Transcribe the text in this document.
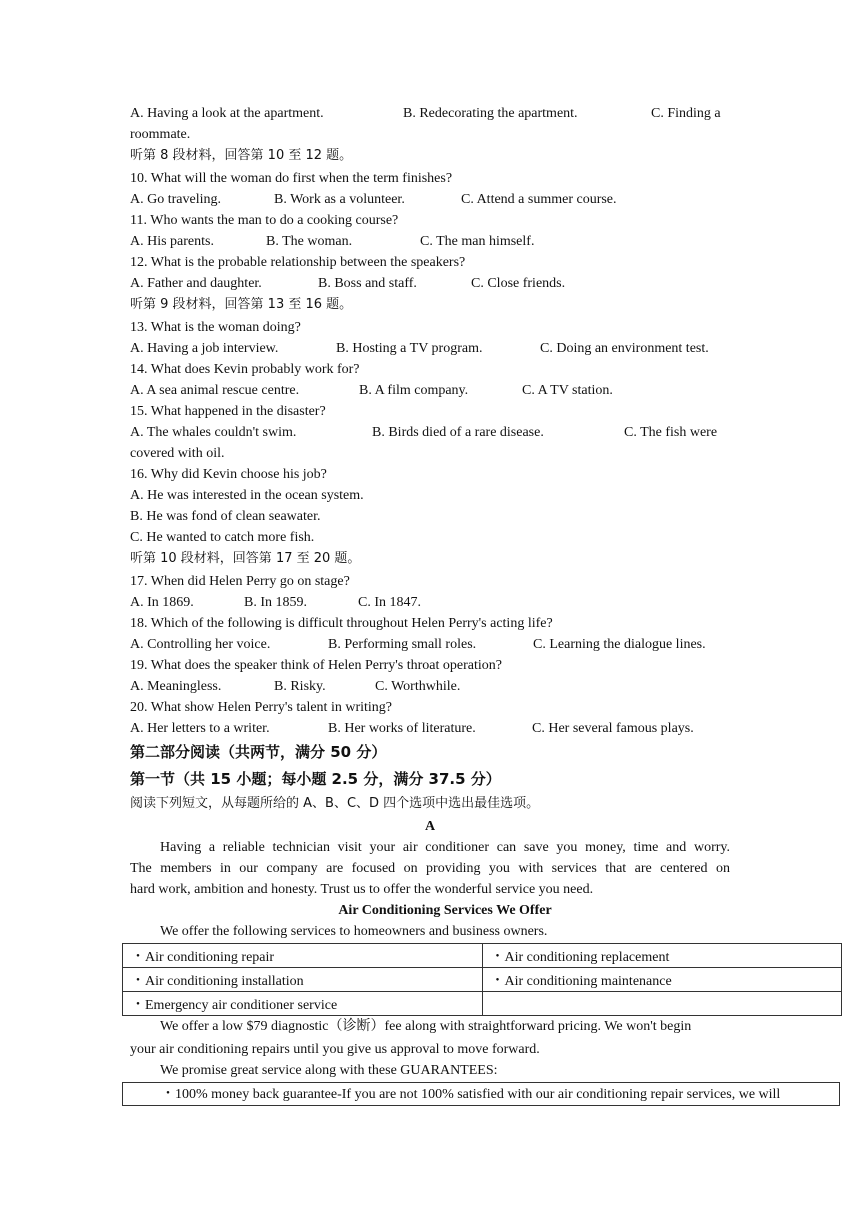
A. Having a look at the apartment.	B. Redecorating the apartment.	C. Finding a
roommate.
听第 8 段材料，回答第 10 至 12 题。
10. What will the woman do first when the term finishes?
A. Go traveling.	B. Work as a volunteer.	C. Attend a summer course.
11. Who wants the man to do a cooking course?
A. His parents.	B. The woman.	C. The man himself.
12. What is the probable relationship between the speakers?
A. Father and daughter.	B. Boss and staff.	C. Close friends.
听第 9 段材料，回答第 13 至 16 题。
13. What is the woman doing?
A. Having a job interview.	B. Hosting a TV program.	C. Doing an environment test.
14. What does Kevin probably work for?
A. A sea animal rescue centre.	B. A film company.	C. A TV station.
15. What happened in the disaster?
A. The whales couldn't swim.	B. Birds died of a rare disease.	C. The fish were
covered with oil.
16. Why did Kevin choose his job?
A. He was interested in the ocean system.
B. He was fond of clean seawater.
C. He wanted to catch more fish.
听第 10 段材料，回答第 17 至 20 题。
17. When did Helen Perry go on stage?
A. In 1869.	B. In 1859.	C. In 1847.
18. Which of the following is difficult throughout Helen Perry's acting life?
A. Controlling her voice.	B. Performing small roles.	C. Learning the dialogue lines.
19. What does the speaker think of Helen Perry's throat operation?
A. Meaningless.	B. Risky.	C. Worthwhile.
20. What show Helen Perry's talent in writing?
A. Her letters to a writer.	B. Her works of literature.	C. Her several famous plays.
第二部分阅读（共两节，满分 50 分）
第一节（共 15 小题；每小题 2.5 分，满分 37.5 分）
阅读下列短文，从每题所给的 A、B、C、D 四个选项中选出最佳选项。
A
Having a reliable technician visit your air conditioner can save you money, time and worry.
The members in our company are focused on providing you with services that are centered on
hard work, ambition and honesty. Trust us to offer the wonderful service you need.
Air Conditioning Services We Offer
We offer the following services to homeowners and business owners.
・Air conditioning repair	・Air conditioning replacement
・Air conditioning installation	・Air conditioning maintenance
・Emergency air conditioner service	
We offer a low $79 diagnostic（诊断）fee along with straightforward pricing. We won't begin
your air conditioning repairs until you give us approval to move forward.
We promise great service along with these GUARANTEES:
・100% money back guarantee-If you are not 100% satisfied with our air conditioning repair services, we will
